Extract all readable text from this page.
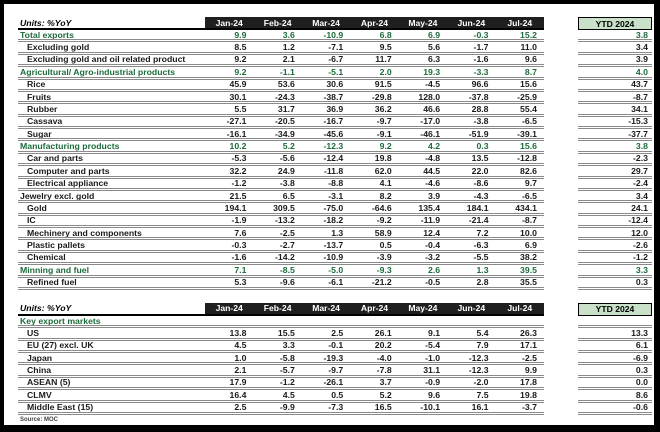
Units: %YoY	Jan-24	Feb-24	Mar-24	Apr-24	May-24	Jun-24	Jul-24	YTD 2024
Total exports	9.9	3.6	-10.9	6.8	6.9	-0.3	15.2	3.8
Excluding gold	8.5	1.2	-7.1	9.5	5.6	-1.7	11.0	3.4
Excluding gold and oil related product	9.2	2.1	-6.7	11.7	6.3	-1.6	9.6	3.9
Agricultural/ Agro-industrial products	9.2	-1.1	-5.1	2.0	19.3	-3.3	8.7	4.0
Rice	45.9	53.6	30.6	91.5	-4.5	96.6	15.6	43.7
Fruits	30.1	-24.3	-38.7	-29.8	128.0	-37.8	-25.9	-8.7
Rubber	5.5	31.7	36.9	36.2	46.6	28.8	55.4	34.1
Cassava	-27.1	-20.5	-16.7	-9.7	-17.0	-3.8	-6.5	-15.3
Sugar	-16.1	-34.9	-45.6	-9.1	-46.1	-51.9	-39.1	-37.7
Manufacturing products	10.2	5.2	-12.3	9.2	4.2	0.3	15.6	3.8
Car and parts	-5.3	-5.6	-12.4	19.8	-4.8	13.5	-12.8	-2.3
Computer and parts	32.2	24.9	-11.8	62.0	44.5	22.0	82.6	29.7
Electrical appliance	-1.2	-3.8	-8.8	4.1	-4.6	-8.6	9.7	-2.4
Jewelry excl. gold	21.5	6.5	-3.1	8.2	3.9	-4.3	-6.5	3.4
Gold	194.1	309.5	-75.0	-64.6	135.4	184.1	434.1	24.1
IC	-1.9	-13.2	-18.2	-9.2	-11.9	-21.4	-8.7	-12.4
Mechinery and components	7.6	-2.5	1.3	58.9	12.4	7.2	10.0	12.0
Plastic pallets	-0.3	-2.7	-13.7	0.5	-0.4	-6.3	6.9	-2.6
Chemical	-1.6	-14.2	-10.9	-3.9	-3.2	-5.5	38.2	-1.2
Minning and fuel	7.1	-8.5	-5.0	-9.3	2.6	1.3	39.5	3.3
Refined fuel	5.3	-9.6	-6.1	-21.2	-0.5	2.8	35.5	0.3
Units: %YoY	Jan-24	Feb-24	Mar-24	Apr-24	May-24	Jun-24	Jul-24	YTD 2024
Key export markets
US	13.8	15.5	2.5	26.1	9.1	5.4	26.3	13.3
EU (27) excl. UK	4.5	3.3	-0.1	20.2	-5.4	7.9	17.1	6.1
Japan	1.0	-5.8	-19.3	-4.0	-1.0	-12.3	-2.5	-6.9
China	2.1	-5.7	-9.7	-7.8	31.1	-12.3	9.9	0.3
ASEAN (5)	17.9	-1.2	-26.1	3.7	-0.9	-2.0	17.8	0.0
CLMV	16.4	4.5	0.5	5.2	9.6	7.5	19.8	8.6
Middle East (15)	2.5	-9.9	-7.3	16.5	-10.1	16.1	-3.7	-0.6
Source: MOC
